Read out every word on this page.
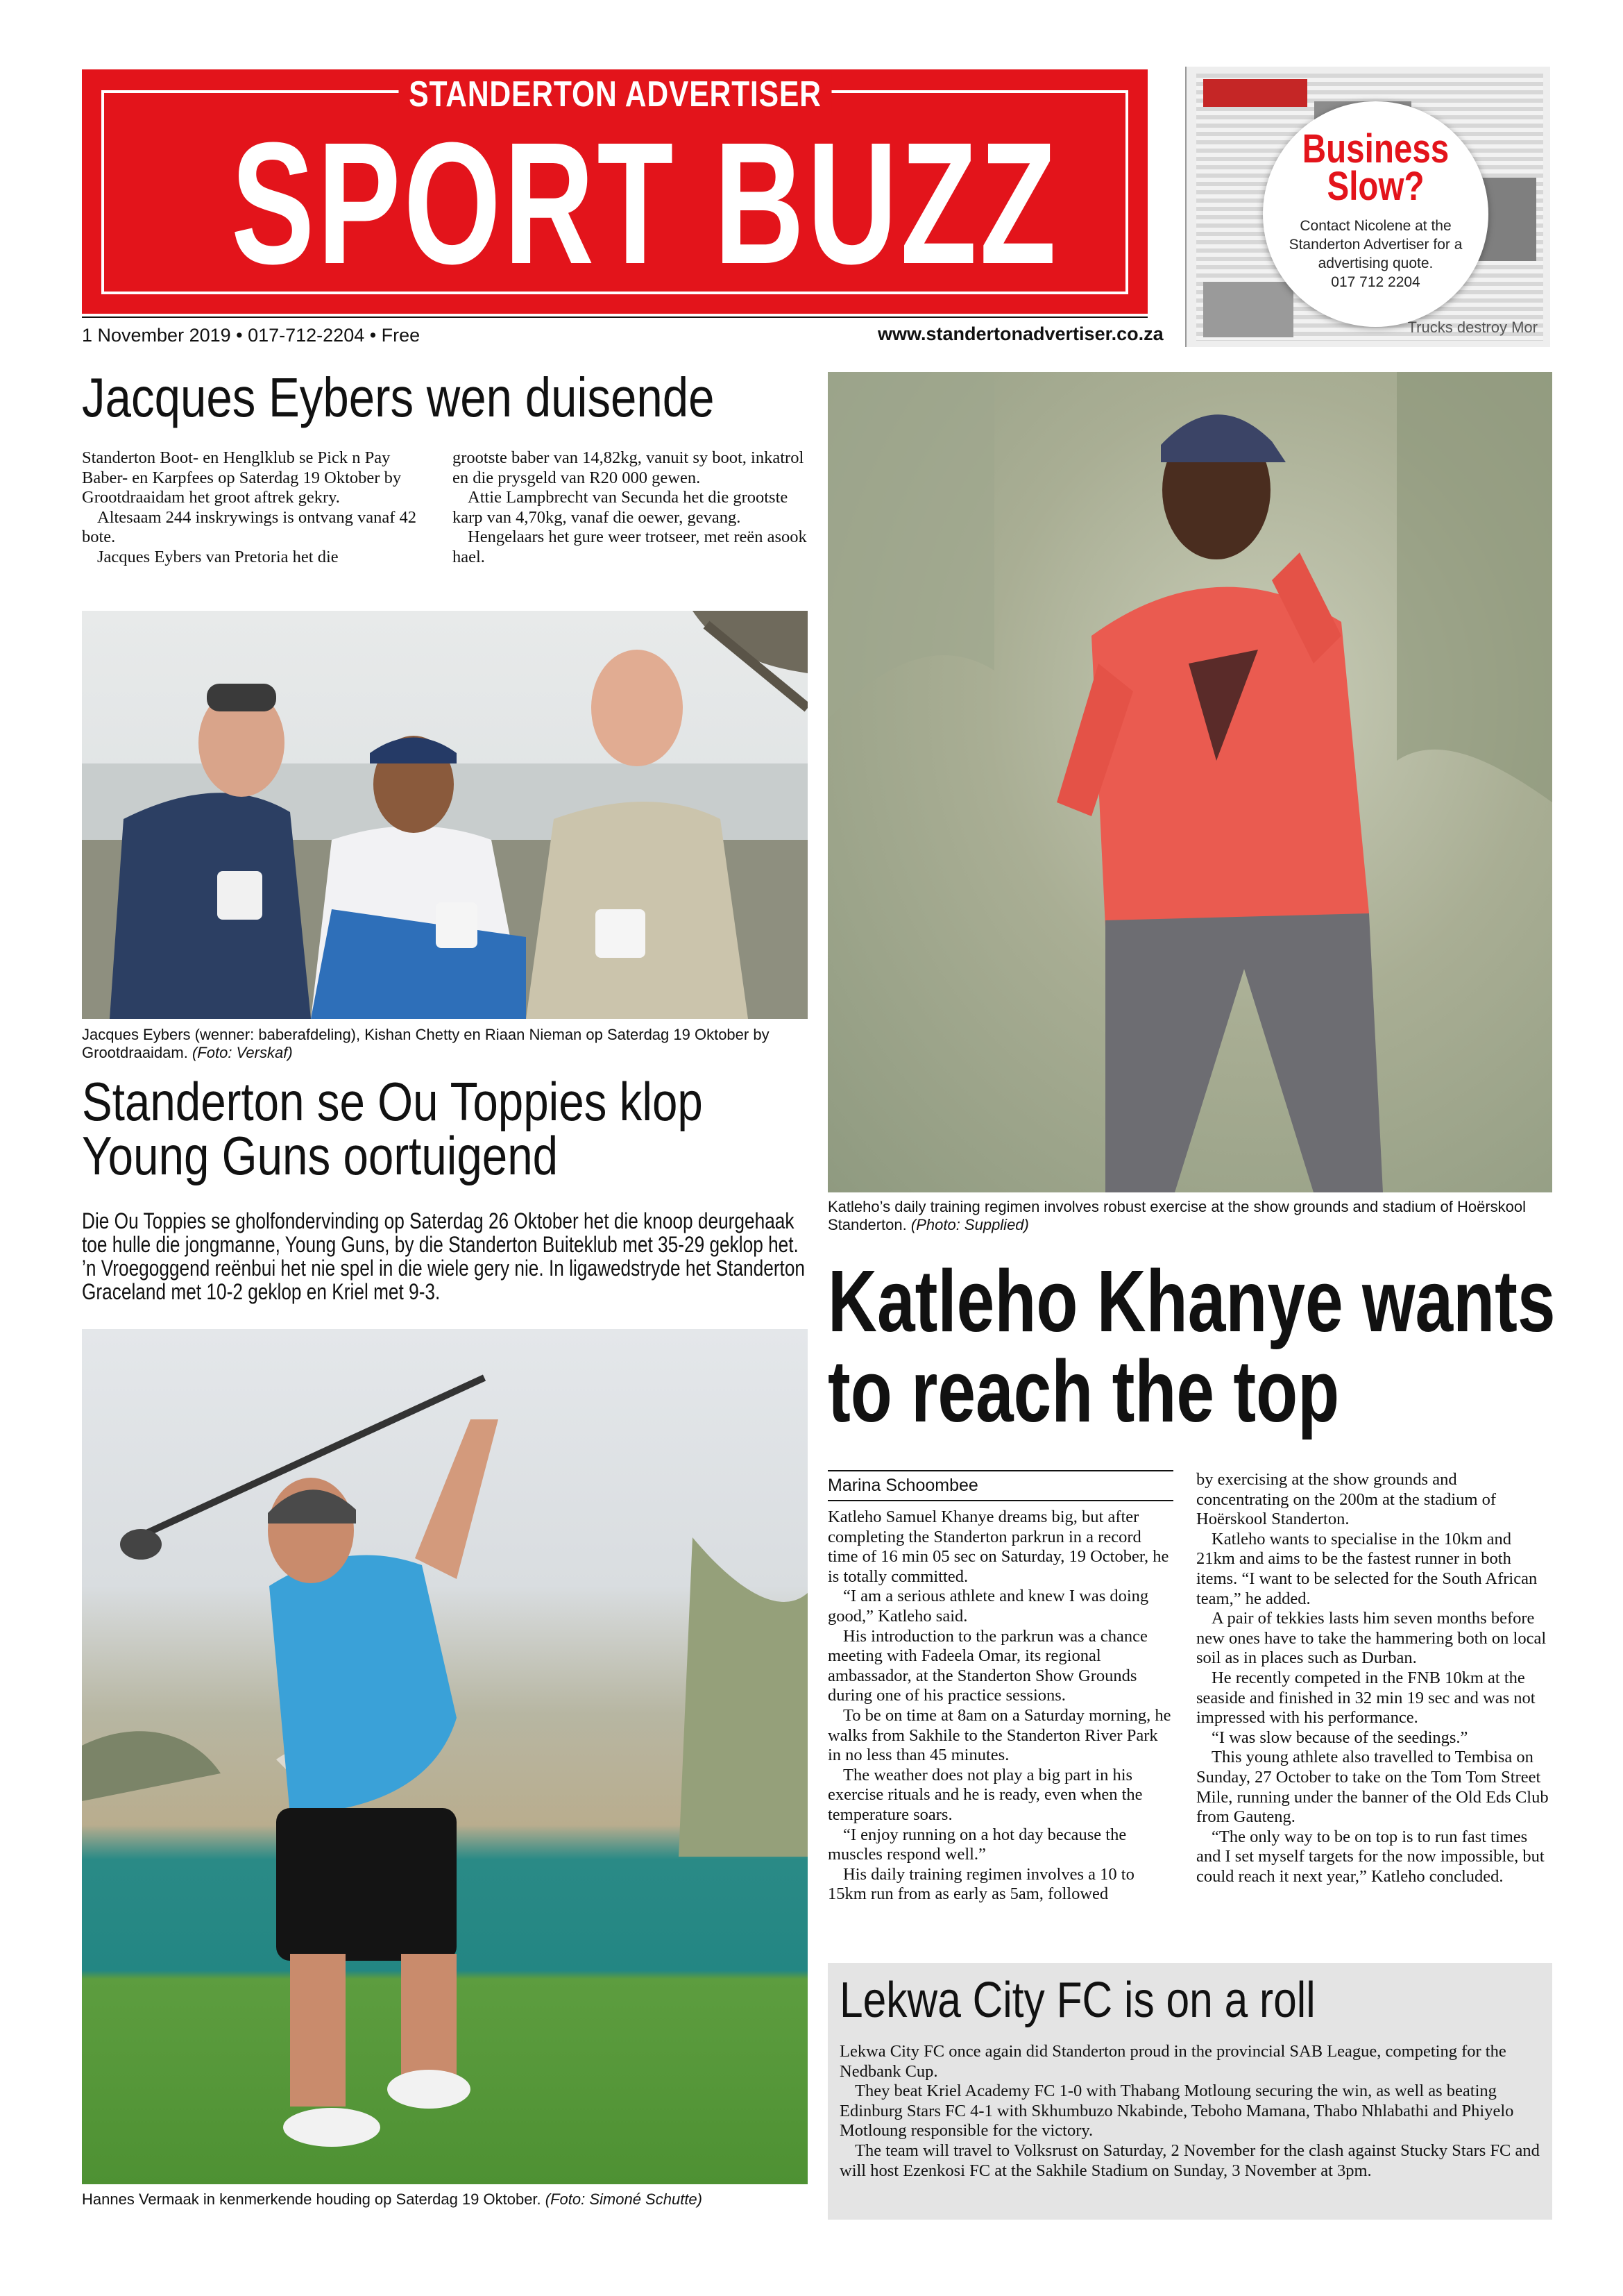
STANDERTON ADVERTISER
SPORT BUZZ
1 November 2019 • 017-712-2204 • Free	www.standertonadvertiser.co.za	Trucks destroy Mor
Business
Slow?
Contact Nicolene at the Standerton Advertiser for a advertising quote.
017 712 2204
Jacques Eybers wen duisende

Standerton Boot- en Henglklub se Pick n Pay Baber- en Karpfees op Saterdag 19 Oktober by Grootdraaidam het groot aftrek gekry.

Altesaam 244 inskrywings is ontvang vanaf 42 bote.

Jacques Eybers van Pretoria het die

grootste baber van 14,82kg, vanuit sy boot, inkatrol en die prysgeld van R20 000 gewen.

Attie Lampbrecht van Secunda het die grootste karp van 4,70kg, vanaf die oewer, gevang.

Hengelaars het gure weer trotseer, met reën asook hael.

Jacques Eybers (wenner: baberafdeling), Kishan Chetty en Riaan Nieman op Saterdag 19 Oktober by Grootdraaidam. (Foto: Verskaf)
Standerton se Ou Toppies klop
Young Guns oortuigend
Die Ou Toppies se gholfondervinding op Saterdag 26 Oktober het die knoop deurgehaak toe hulle die jongmanne, Young Guns, by die Standerton Buiteklub met 35-29 geklop het. ’n Vroegoggend reënbui het nie spel in die wiele gery nie. In ligawedstryde het Standerton Graceland met 10-2 geklop en Kriel met 9-3.
Hannes Vermaak in kenmerkende houding op Saterdag 19 Oktober. (Foto: Simoné Schutte)
Katleho’s daily training regimen involves robust exercise at the show grounds and stadium of Hoërskool Standerton. (Photo: Supplied)
Katleho Khanye wants
to reach the top
Marina Schoombee

Katleho Samuel Khanye dreams big, but after completing the Standerton parkrun in a record time of 16 min 05 sec on Saturday, 19 October, he is totally committed.

“I am a serious athlete and knew I was doing good,” Katleho said.

His introduction to the parkrun was a chance meeting with Fadeela Omar, its regional ambassador, at the Standerton Show Grounds during one of his practice sessions.

To be on time at 8am on a Saturday morning, he walks from Sakhile to the Standerton River Park in no less than 45 minutes.

The weather does not play a big part in his exercise rituals and he is ready, even when the temperature soars.

“I enjoy running on a hot day because the muscles respond well.”

His daily training regimen involves a 10 to 15km run from as early as 5am, followed

by exercising at the show grounds and concentrating on the 200m at the stadium of Hoërskool Standerton.

Katleho wants to specialise in the 10km and 21km and aims to be the fastest runner in both items. “I want to be selected for the South African team,” he added.

A pair of tekkies lasts him seven months before new ones have to take the hammering both on local soil as in places such as Durban.

He recently competed in the FNB 10km at the seaside and finished in 32 min 19 sec and was not impressed with his performance.

“I was slow because of the seedings.”

This young athlete also travelled to Tembisa on Sunday, 27 October to take on the Tom Tom Street Mile, running under the banner of the Old Eds Club from Gauteng.

“The only way to be on top is to run fast times and I set myself targets for the now impossible, but could reach it next year,” Katleho concluded.

Lekwa City FC is on a roll

Lekwa City FC once again did Standerton proud in the provincial SAB League, competing for the Nedbank Cup.

They beat Kriel Academy FC 1-0 with Thabang Motloung securing the win, as well as beating Edinburg Stars FC 4-1 with Skhumbuzo Nkabinde, Teboho Mamana, Thabo Nhlabathi and Phiyelo Motloung responsible for the victory.

The team will travel to Volksrust on Saturday, 2 November for the clash against Stucky Stars FC and will host Ezenkosi FC at the Sakhile Stadium on Sunday, 3 November at 3pm.
